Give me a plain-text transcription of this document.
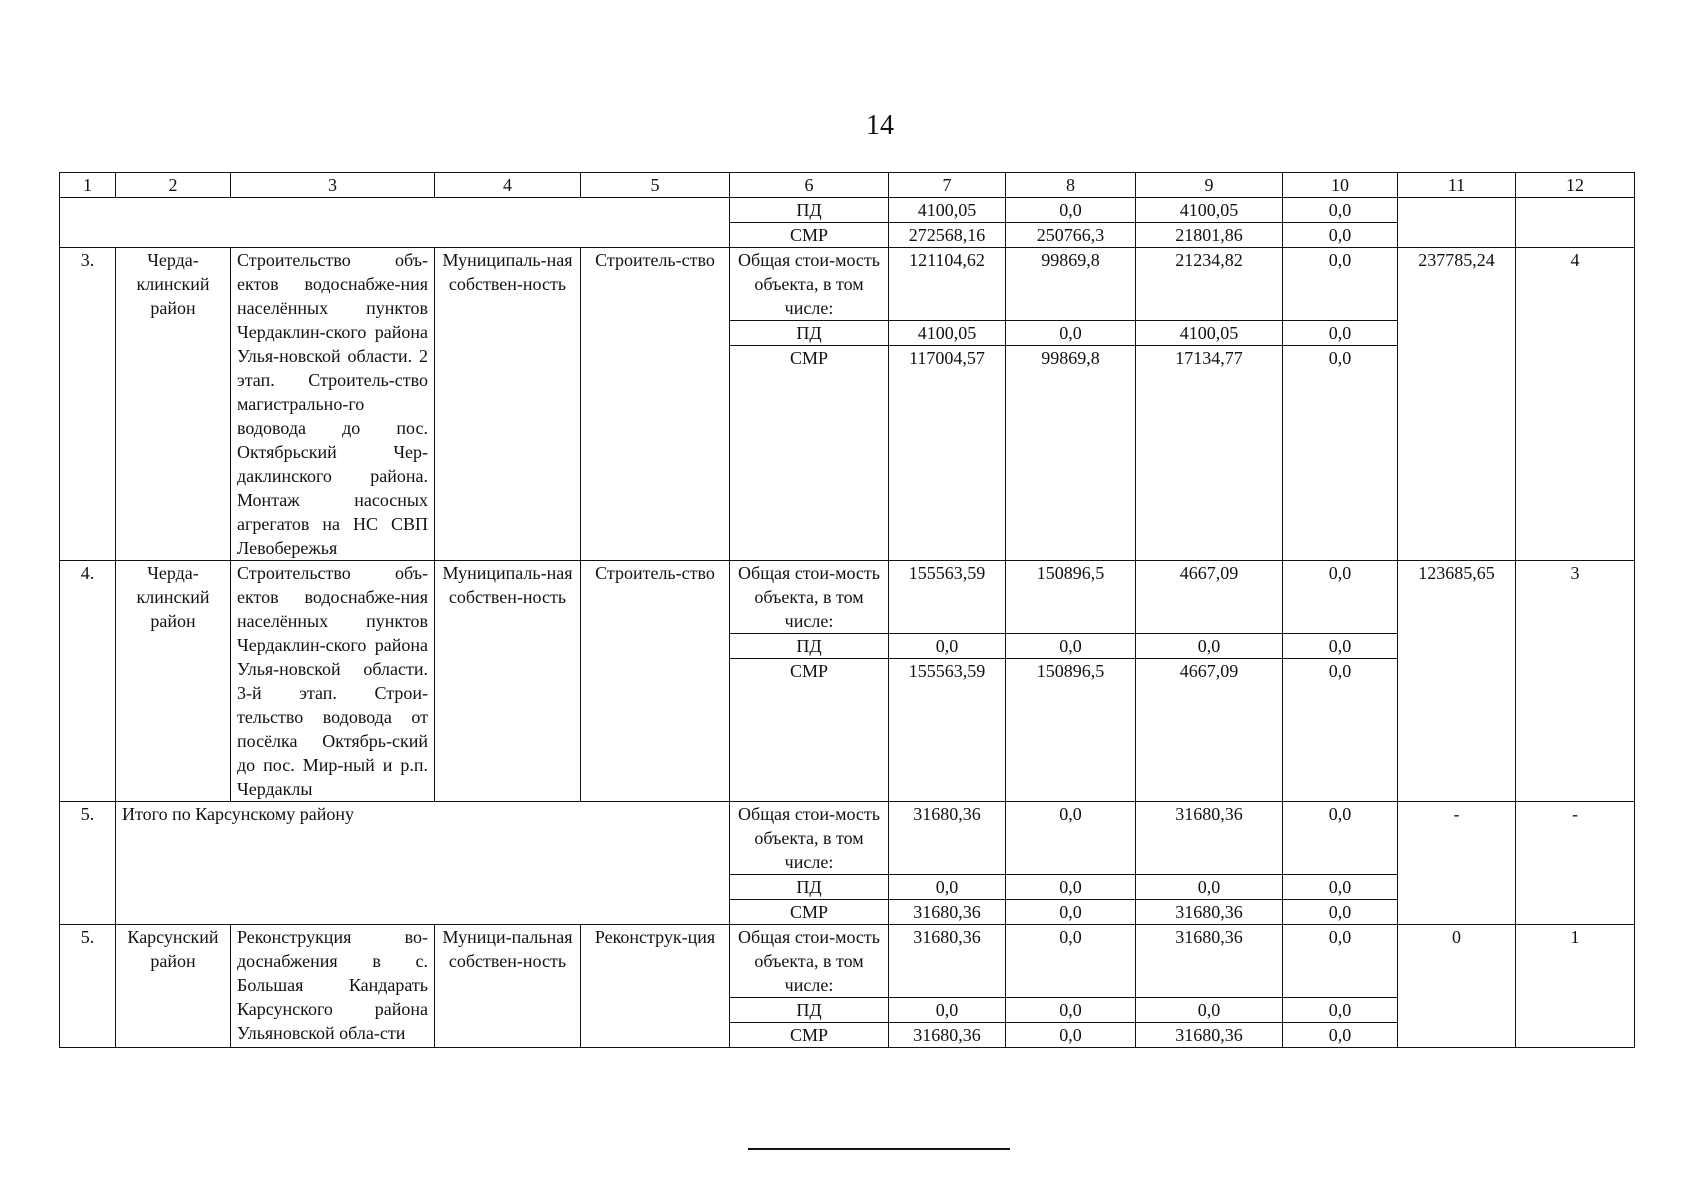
14
1	2	3	4	5	6	7	8	9	10	11	12
					ПД	4100,05	0,0	4100,05	0,0		
					СМР	272568,16	250766,3	21801,86	0,0		
3.	Черда-клинский район	Строительство объ-ектов водоснабже-ния населённых пунктов Чердаклин-ского района Улья-новской области. 2 этап. Строитель-ство магистрально-го водовода до пос. Октябрьский Чер-даклинского района. Монтаж насосных агрегатов на НС СВП Левобережья	Муниципаль-ная собствен-ность	Строитель-ство	Общая стои-мость объекта, в том числе:	121104,62	99869,8	21234,82	0,0	237785,24	4
					ПД	4100,05	0,0	4100,05	0,0		
					СМР	117004,57	99869,8	17134,77	0,0		

4.	Черда-клинский район	Строительство объ-ектов водоснабже-ния населённых пунктов Чердаклин-ского района Улья-новской области. 3-й этап. Строи-тельство водовода от посёлка Октябрь-ский до пос. Мир-ный и р.п. Чердаклы	Муниципаль-ная собствен-ность	Строитель-ство	Общая стои-мость объекта, в том числе:	155563,59	150896,5	4667,09	0,0	123685,65	3
					ПД	0,0	0,0	0,0	0,0		
					СМР	155563,59	150896,5	4667,09	0,0		

5.	Итого по Карсунскому району				Общая стои-мость объекта, в том числе:	31680,36	0,0	31680,36	0,0	-	-
					ПД	0,0	0,0	0,0	0,0		
					СМР	31680,36	0,0	31680,36	0,0		
5.	Карсунский район	Реконструкция во-доснабжения в с. Большая Кандарать Карсунского района Ульяновской обла-сти	Муници-пальная собствен-ность	Реконструк-ция	Общая стои-мость объекта, в том числе:	31680,36	0,0	31680,36	0,0	0	1
					ПД	0,0	0,0	0,0	0,0		
					СМР	31680,36	0,0	31680,36	0,0		
